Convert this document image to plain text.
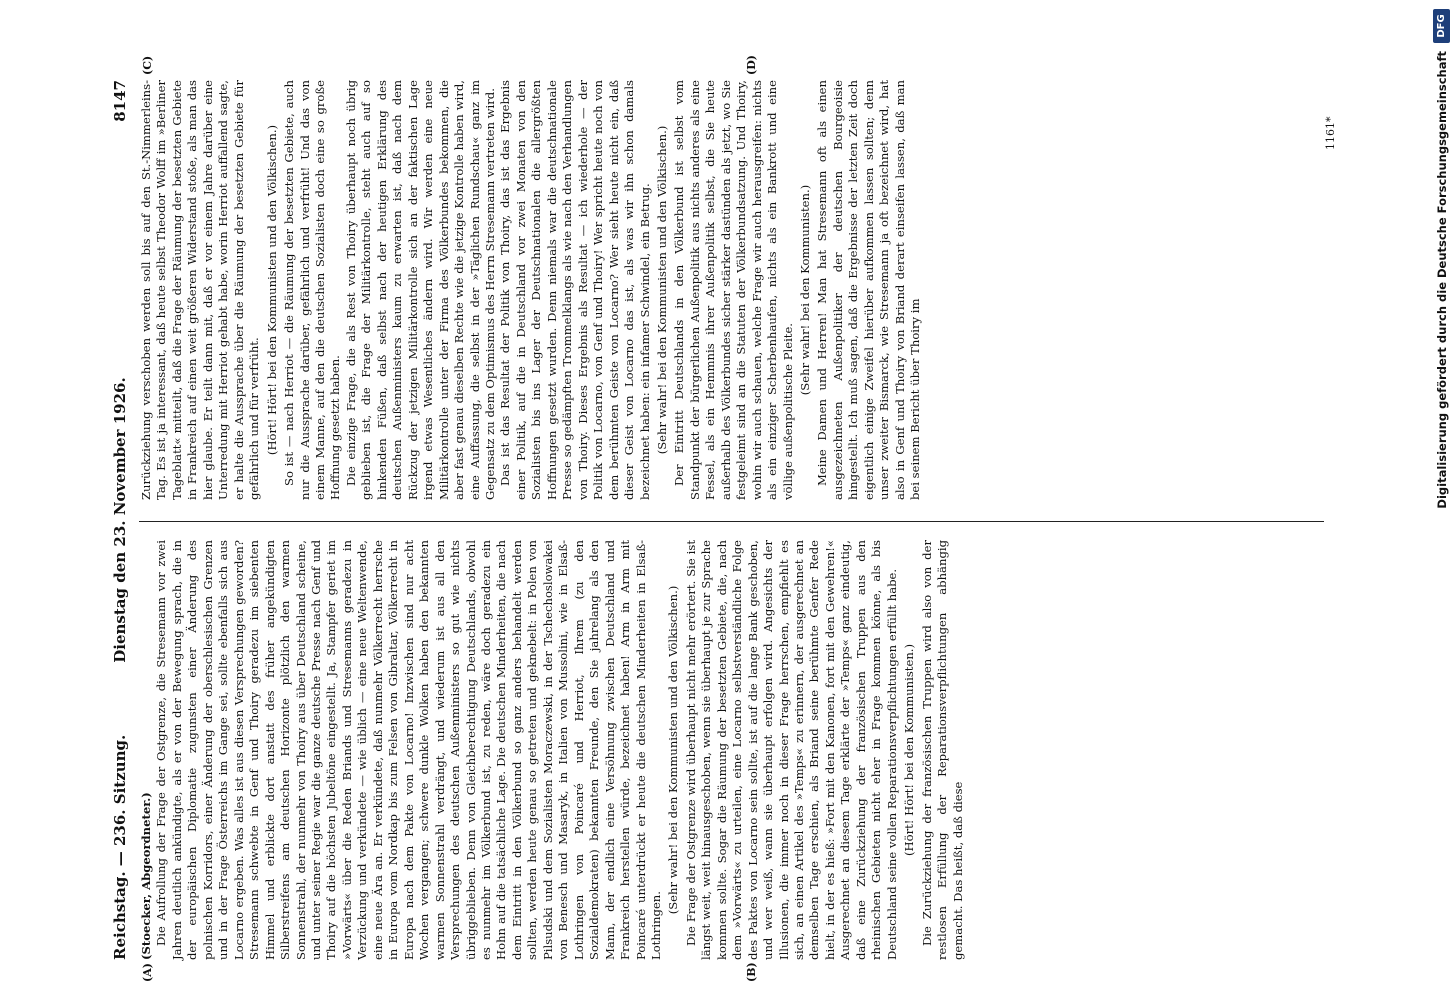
Reichstag. — 236. Sitzung.
Dienstag den 23. November 1926.
8147

(Stoecker, Abgeordneter.) Die Aufrollung der Frage der Ostgrenze, die Stresemann vor zwei Jahren deutlich ankündigte, als er von der Bewegung sprach, die in der europäischen Diplomatie zugunsten einer Änderung des polnischen Korridors, einer Änderung der oberschlesischen Grenzen und in der Frage Österreichs im Gange sei, sollte ebenfalls sich aus Locarno ergeben. Was alles ist aus diesen Versprechungen geworden? Stresemann schwebte in Genf und Thoiry geradezu im siebenten Himmel und erblickte dort anstatt des früher angekündigten Silberstreifens am deutschen Horizonte plötzlich den warmen Sonnenstrahl, der nunmehr von Thoiry aus über Deutschland scheine, und unter seiner Regie war die ganze deutsche Presse nach Genf und Thoiry auf die höchsten Jubeltöne eingestellt. Ja, Stampfer geriet im »Vorwärts« über die Reden Briands und Stresemanns geradezu in Verzückung und verkündete — wie üblich — eine neue Weltenwende, eine neue Ära an. Er verkündete, daß nunmehr Völkerrecht herrsche in Europa vom Nordkap bis zum Felsen von Gibraltar, Völkerrecht in Europa nach dem Pakte von Locarno! Inzwischen sind nur acht Wochen vergangen; schwere dunkle Wolken haben den bekannten warmen Sonnenstrahl verdrängt, und wiederum ist aus all den Versprechungen des deutschen Außenministers so gut wie nichts übriggeblieben. Denn von Gleichberechtigung Deutschlands, obwohl es nunmehr im Völkerbund ist, zu reden, wäre doch geradezu ein Hohn auf die tatsächliche Lage. Die deutschen Minderheiten, die nach dem Eintritt in den Völkerbund so ganz anders behandelt werden sollten, werden heute genau so getreten und geknebelt: in Polen von Pilsudski und dem Sozialisten Moraczewski, in der Tschechoslowakei von Benesch und Masaryk, in Italien von Mussolini, wie in Elsaß-Lothringen von Poincaré und Herriot, Ihrem (zu den Sozialdemokraten) bekannten Freunde, den Sie jahrelang als den Mann, der endlich eine Versöhnung zwischen Deutschland und Frankreich herstellen würde, bezeichnet haben! Arm in Arm mit Poincaré unterdrückt er heute die deutschen Minderheiten in Elsaß-Lothringen.

(Sehr wahr! bei den Kommunisten und den Völkischen.) Die Frage der Ostgrenze wird überhaupt nicht mehr erörtert. Sie ist längst weit, weit hinausgeschoben, wenn sie überhaupt je zur Sprache kommen sollte. Sogar die Räumung der besetzten Gebiete, die, nach dem »Vorwärts« zu urteilen, eine Locarno selbstverständliche Folge des Paktes von Locarno sein sollte, ist auf die lange Bank geschoben, und wer weiß, wann sie überhaupt erfolgen wird. Angesichts der Illusionen, die immer noch in dieser Frage herrschen, empfiehlt es sich, an einen Artikel des »Temps« zu erinnern, der ausgerechnet an demselben Tage erschien, als Briand seine berühmte Genfer Rede hielt, in der es hieß: »Fort mit den Kanonen, fort mit den Gewehren!« Ausgerechnet an diesem Tage erklärte der »Temps« ganz eindeutig, daß eine Zurückziehung der französischen Truppen aus den rheinischen Gebieten nicht eher in Frage kommen könne, als bis Deutschland seine vollen Reparationsverpflichtungen erfüllt habe. (Hört! Hört! bei den Kommunisten.) Die Zurückziehung der französischen Truppen wird also von der restlosen Erfüllung der Reparationsverpflichtungen abhängig gemacht. Das heißt, daß diese

Zurückziehung verschoben werden soll bis auf den St.-Nimmerleins-Tag. Es ist ja interessant, daß heute selbst Theodor Wolff im »Berliner Tageblatt« mitteilt, daß die Frage der Räumung der besetzten Gebiete in Frankreich auf einen weit größeren Widerstand stoße, als man das hier glaube. Er teilt dann mit, daß er vor einem Jahre darüber eine Unterredung mit Herriot gehabt habe, worin Herriot auffallend sagte, er halte die Aussprache über die Räumung der besetzten Gebiete für gefährlich und für verfrüht. (Hört! Hört! bei den Kommunisten und den Völkischen.) So ist — nach Herriot — die Räumung der besetzten Gebiete, auch nur die Aussprache darüber, gefährlich und verfrüht! Und das von einem Manne, auf den die deutschen Sozialisten doch eine so große Hoffnung gesetzt haben. Die einzige Frage, die als Rest von Thoiry überhaupt noch übrig geblieben ist, die Frage der Militärkontrolle, steht auch auf so hinkenden Füßen, daß selbst nach der heutigen Erklärung des deutschen Außenministers kaum zu erwarten ist, daß nach dem Rückzug der jetzigen Militärkontrolle sich an der faktischen Lage irgend etwas Wesentliches ändern wird. Wir werden eine neue Militärkontrolle unter der Firma des Völkerbundes bekommen, die aber fast genau dieselben Rechte wie die jetzige Kontrolle haben wird, eine Auffassung, die selbst in der »Täglichen Rundschau« ganz im Gegensatz zu dem Optimismus des Herrn Stresemann vertreten wird. Das ist das Resultat der Politik von Thoiry, das ist das Ergebnis einer Politik, auf die in Deutschland vor zwei Monaten von den Sozialisten bis ins Lager der Deutschnationalen die allergrößten Hoffnungen gesetzt wurden. Denn niemals war die deutschnationale Presse so gedämpften Trommelklangs als wie nach den Verhandlungen von Thoiry. Dieses Ergebnis als Resultat — ich wiederhole — der Politik von Locarno, von Genf und Thoiry! Wer spricht heute noch von dem berühmten Geiste von Locarno? Wer sieht heute nicht ein, daß dieser Geist von Locarno das ist, als was wir ihn schon damals bezeichnet haben: ein infamer Schwindel, ein Betrug. (Sehr wahr! bei den Kommunisten und den Völkischen.) Der Eintritt Deutschlands in den Völkerbund ist selbst vom Standpunkt der bürgerlichen Außenpolitik aus nichts anderes als eine Fessel, als ein Hemmnis ihrer Außenpolitik selbst, die Sie heute außerhalb des Völkerbundes sicher stärker dastünden als jetzt, wo Sie festgeleimt sind an die Statuten der Völkerbundsatzung. Und Thoiry, wohin wir auch schauen, welche Frage wir auch herausgreifen: nichts als ein einziger Scherbenhaufen, nichts als ein Bankrott und eine völlige außenpolitische Pleite.

(Sehr wahr! bei den Kommunisten.) Meine Damen und Herren! Man hat Stresemann oft als einen ausgezeichneten Außenpolitiker der deutschen Bourgeoisie hingestellt. Ich muß sagen, daß die Ergebnisse der letzten Zeit doch eigentlich einige Zweifel hierüber aufkommen lassen sollten; denn unser zweiter Bismarck, wie Stresemann ja oft bezeichnet wird, hat also in Genf und Thoiry von Briand derart einseifen lassen, daß man bei seinem Bericht über Thoiry im

(A)	(B)
(C)	(D)
1161*	Digitalisierung gefördert durch die Deutsche Forschungsgemeinschaft
DFG
